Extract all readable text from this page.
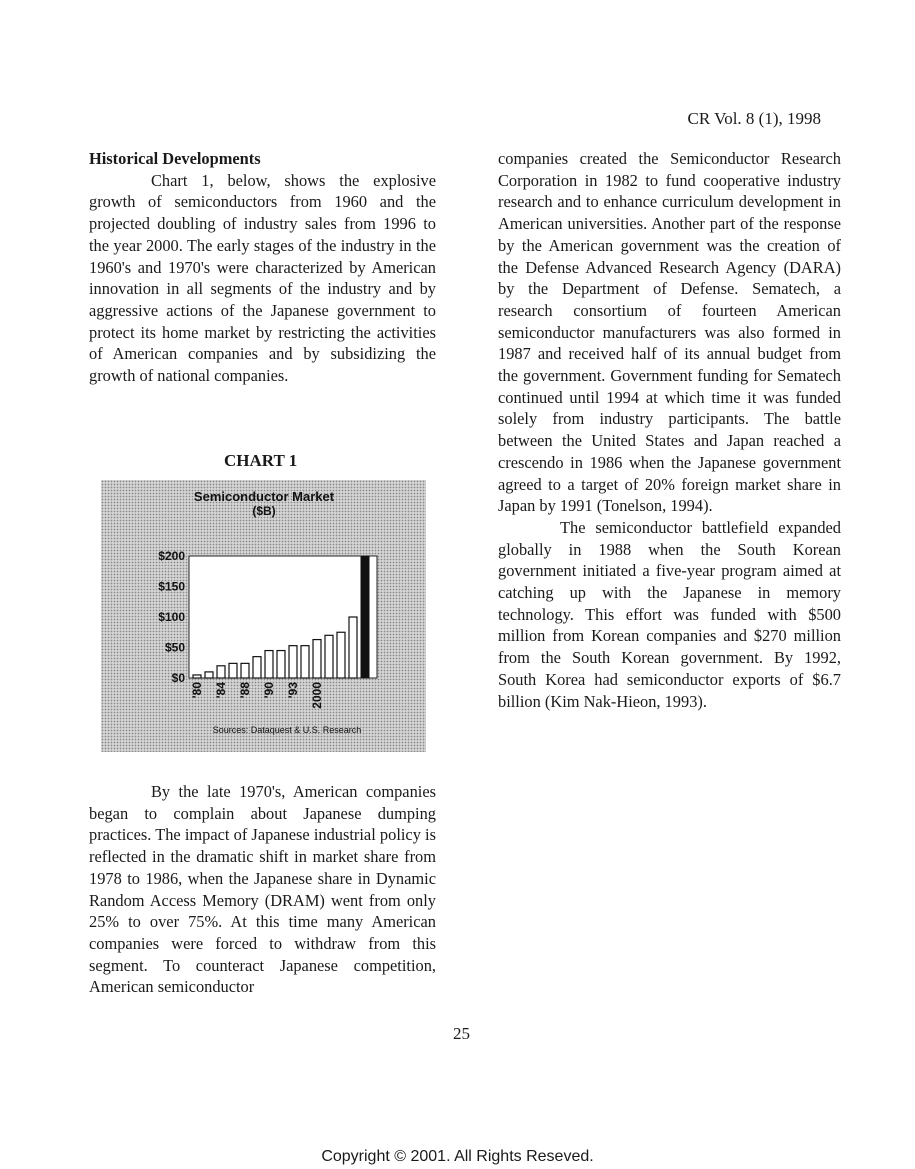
CR Vol. 8 (1), 1998

Historical Developments

Chart 1, below, shows the explosive growth of semiconductors from 1960 and the projected doubling of industry sales from 1996 to the year 2000. The early stages of the industry in the 1960's and 1970's were characterized by American innovation in all segments of the industry and by aggressive actions of the Japanese government to protect its home market by restricting the activities of American companies and by subsidizing the growth of national companies.

CHART 1
Semiconductor Market
($B)
$200
$150
$100
$50
$0
'80 '84 '88 '90 '93 2000
Sources: Dataquest & U.S. Research

By the late 1970's, American companies began to complain about Japanese dumping practices. The impact of Japanese industrial policy is reflected in the dramatic shift in market share from 1978 to 1986, when the Japanese share in Dynamic Random Access Memory (DRAM) went from only 25% to over 75%. At this time many American companies were forced to withdraw from this segment. To counteract Japanese competition, American semiconductor

companies created the Semiconductor Research Corporation in 1982 to fund cooperative industry research and to enhance curriculum development in American universities. Another part of the response by the American government was the creation of the Defense Advanced Research Agency (DARA) by the Department of Defense. Sematech, a research consortium of fourteen American semiconductor manufacturers was also formed in 1987 and received half of its annual budget from the government. Government funding for Sematech continued until 1994 at which time it was funded solely from industry participants. The battle between the United States and Japan reached a crescendo in 1986 when the Japanese government agreed to a target of 20% foreign market share in Japan by 1991 (Tonelson, 1994).

The semiconductor battlefield expanded globally in 1988 when the South Korean government initiated a five-year program aimed at catching up with the Japanese in memory technology. This effort was funded with $500 million from Korean companies and $270 million from the South Korean government. By 1992, South Korea had semiconductor exports of $6.7 billion (Kim Nak-Hieon, 1993).

25
Copyright © 2001. All Rights Reseved.
